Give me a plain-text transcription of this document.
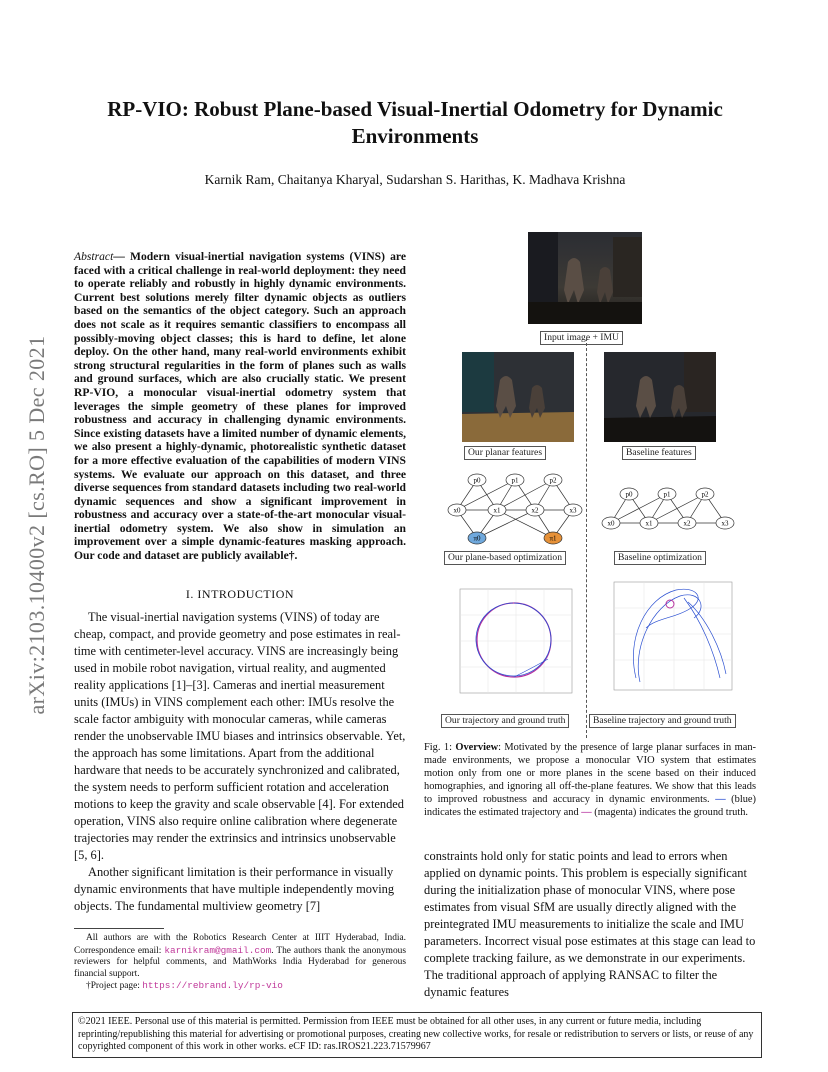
arXiv:2103.10400v2 [cs.RO] 5 Dec 2021
RP-VIO: Robust Plane-based Visual-Inertial Odometry for Dynamic Environments
Karnik Ram, Chaitanya Kharyal, Sudarshan S. Harithas, K. Madhava Krishna
Abstract— Modern visual-inertial navigation systems (VINS) are faced with a critical challenge in real-world deployment: they need to operate reliably and robustly in highly dynamic environments. Current best solutions merely filter dynamic objects as outliers based on the semantics of the object category. Such an approach does not scale as it requires semantic classifiers to encompass all possibly-moving object classes; this is hard to define, let alone deploy. On the other hand, many real-world environments exhibit strong structural regularities in the form of planes such as walls and ground surfaces, which are also crucially static. We present RP-VIO, a monocular visual-inertial odometry system that leverages the simple geometry of these planes for improved robustness and accuracy in challenging dynamic environments. Since existing datasets have a limited number of dynamic elements, we also present a highly-dynamic, photorealistic synthetic dataset for a more effective evaluation of the capabilities of modern VINS systems. We evaluate our approach on this dataset, and three diverse sequences from standard datasets including two real-world dynamic sequences and show a significant improvement in robustness and accuracy over a state-of-the-art monocular visual-inertial odometry system. We also show in simulation an improvement over a simple dynamic-features masking approach. Our code and dataset are publicly available†.
I. INTRODUCTION

The visual-inertial navigation systems (VINS) of today are cheap, compact, and provide geometry and pose estimates in real-time with centimeter-level accuracy. VINS are increasingly being used in mobile robot navigation, virtual reality, and augmented reality applications [1]–[3]. Cameras and inertial measurement units (IMUs) in VINS complement each other: IMUs resolve the scale factor ambiguity with monocular cameras, while cameras render the unobservable IMU biases and intrinsics observable. Yet, the approach has some limitations. Apart from the additional hardware that needs to be accurately synchronized and calibrated, the system needs to perform sufficient rotation and acceleration motions to keep the gravity and scale observable [4]. For extended operation, VINS also require online calibration where degenerate trajectories may render the extrinsics and intrinsics unobservable [5, 6].

Another significant limitation is their performance in visually dynamic environments that have multiple independently moving objects. The fundamental multiview geometry [7]

All authors are with the Robotics Research Center at IIIT Hyderabad, India. Correspondence email: karnikram@gmail.com. The authors thank the anonymous reviewers for helpful comments, and MathWorks India Hyderabad for generous financial support.
†Project page: https://rebrand.ly/rp-vio
Input image + IMU
Our planar features	Baseline features
p0	p1	p2
x0	x1	x2	x3
π0	π1
Our plane-based optimization
p0	p1	p2
x0	x1	x2	x3
Baseline optimization
Our trajectory and ground truth	Baseline trajectory and ground truth
Fig. 1: Overview: Motivated by the presence of large planar surfaces in man-made environments, we propose a monocular VIO system that estimates motion only from one or more planes in the scene based on their induced homographies, and ignoring all off-the-plane features. We show that this leads to improved robustness and accuracy in dynamic environments. — (blue) indicates the estimated trajectory and — (magenta) indicates the ground truth.

constraints hold only for static points and lead to errors when applied on dynamic points. This problem is especially significant during the initialization phase of monocular VINS, where pose estimates from visual SfM are usually directly aligned with the preintegrated IMU measurements to initialize the scale and IMU parameters. Incorrect visual pose estimates at this stage can lead to complete tracking failure, as we demonstrate in our experiments. The traditional approach of applying RANSAC to filter the dynamic features

©2021 IEEE. Personal use of this material is permitted. Permission from IEEE must be obtained for all other uses, in any current or future media, including reprinting/republishing this material for advertising or promotional purposes, creating new collective works, for resale or redistribution to servers or lists, or reuse of any copyrighted component of this work in other works. eCF ID: ras.IROS21.223.71579967
